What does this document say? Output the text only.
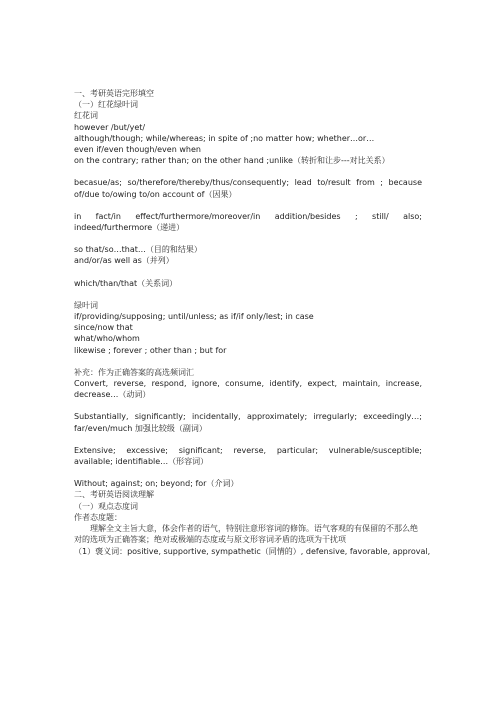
一、考研英语完形填空

（一）红花绿叶词

红花词

however /but/yet/

although/though; while/whereas; in spite of ;no matter how; whether…or…

even if/even though/even when

on the contrary; rather than; on the other hand ;unlike（转折和让步---对比关系）

becasue/as; so/therefore/thereby/thus/consequently; lead to/result from ; because of/due to/owing to/on account of（因果）

in fact/in effect/furthermore/moreover/in addition/besides ; still/ also; indeed/furthermore（递进）

so that/so…that…（目的和结果）

and/or/as well as（并列）

which/than/that（关系词）

绿叶词

if/providing/supposing; until/unless; as if/if only/lest; in case

since/now that

what/who/whom

likewise ; forever ; other than ; but for

补充：作为正确答案的高选频词汇

Convert, reverse, respond, ignore, consume, identify, expect, maintain, increase, decrease…（动词）

Substantially, significantly; incidentally, approximately; irregularly; exceedingly…; far/even/much 加强比较级（副词）

Extensive; excessive; significant; reverse, particular; vulnerable/susceptible; available; identifiable…（形容词）

Without; against; on; beyond; for（介词）

二、考研英语阅读理解

（一）观点态度词

作者态度题：

理解全文主旨大意，体会作者的语气，特别注意形容词的修饰。语气客观的有保留的不那么绝对的选项为正确答案；绝对或极端的态度或与原文形容词矛盾的选项为干扰项

（1）褒义词：positive, supportive, sympathetic（同情的）, defensive, favorable, approval,
